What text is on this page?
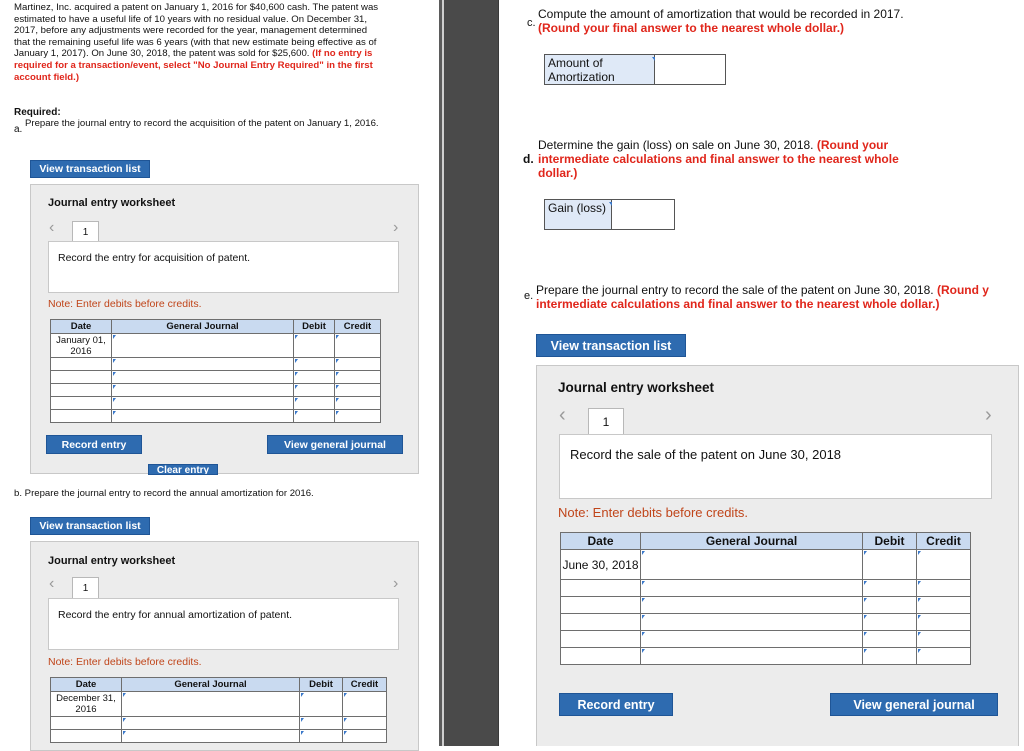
Martinez, Inc. acquired a patent on January 1, 2016 for $40,600 cash. The patent was estimated to have a useful life of 10 years with no residual value. On December 31, 2017, before any adjustments were recorded for the year, management determined that the remaining useful life was 6 years (with that new estimate being effective as of January 1, 2017). On June 30, 2018, the patent was sold for $25,600. (If no entry is required for a transaction/event, select "No Journal Entry Required" in the first account field.)
Required:
a.
Prepare the journal entry to record the acquisition of the patent on January 1, 2016.
View transaction list
Journal entry worksheet
‹	1	›
Record the entry for acquisition of patent.
Note: Enter debits before credits.
Date	General Journal	Debit	Credit
January 01, 2016	

Record entry	View general journal
Clear entry
b. Prepare the journal entry to record the annual amortization for 2016.
View transaction list
Journal entry worksheet
‹	1	›
Record the entry for annual amortization of patent.
Note: Enter debits before credits.
Date	General Journal	Debit	Credit
December 31, 2016	

c.
Compute the amount of amortization that would be recorded in 2017.
(Round your final answer to the nearest whole dollar.)
Amount of Amortization
Determine the gain (loss) on sale on June 30, 2018. (Round your
d. intermediate calculations and final answer to the nearest whole
dollar.)
Gain (loss)
e. Prepare the journal entry to record the sale of the patent on June 30, 2018. (Round y
intermediate calculations and final answer to the nearest whole dollar.)
View transaction list
Journal entry worksheet
‹	1	›
Record the sale of the patent on June 30, 2018
Note: Enter debits before credits.
Date	General Journal	Debit	Credit
June 30, 2018	

Record entry	View general journal
